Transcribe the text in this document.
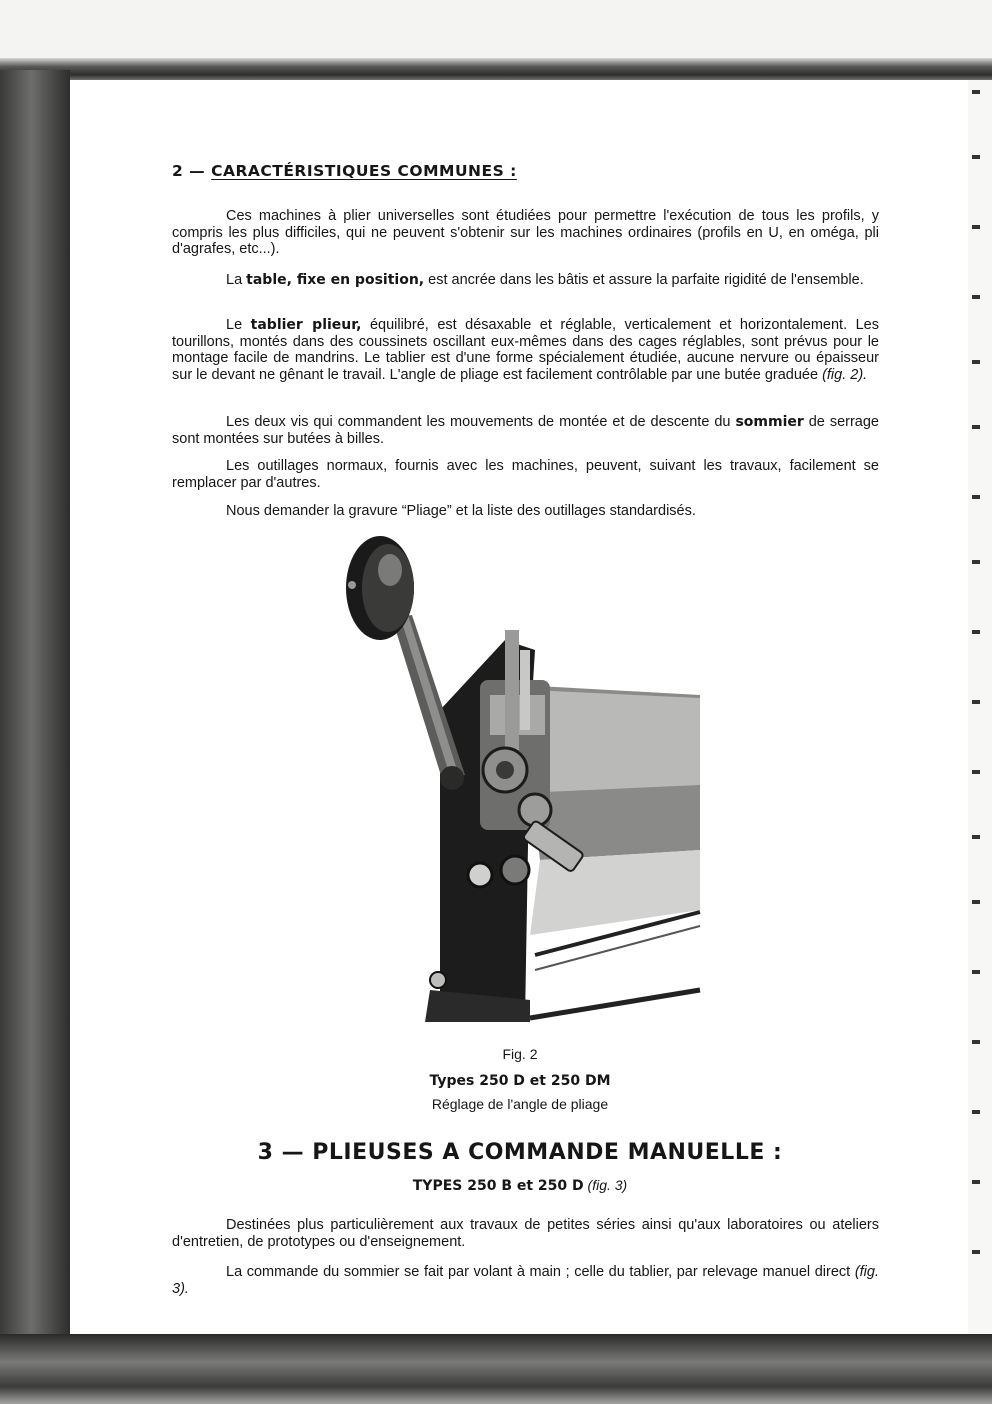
2 — CARACTÉRISTIQUES COMMUNES :

Ces machines à plier universelles sont étudiées pour permettre l'exécution de tous les profils, y compris les plus difficiles, qui ne peuvent s'obtenir sur les machines ordinaires (profils en U, en oméga, pli d'agrafes, etc...).

La table, fixe en position, est ancrée dans les bâtis et assure la parfaite rigidité de l'ensemble.

Le tablier plieur, équilibré, est désaxable et réglable, verticalement et horizontalement. Les tourillons, montés dans des coussinets oscillant eux-mêmes dans des cages réglables, sont prévus pour le montage facile de mandrins. Le tablier est d'une forme spécialement étudiée, aucune nervure ou épaisseur sur le devant ne gênant le travail. L'angle de pliage est facilement contrôlable par une butée graduée (fig. 2).

Les deux vis qui commandent les mouvements de montée et de descente du sommier de serrage sont montées sur butées à billes.

Les outillages normaux, fournis avec les machines, peuvent, suivant les travaux, facilement se remplacer par d'autres.

Nous demander la gravure “Pliage” et la liste des outillages standardisés.

Fig. 2

Types 250 D et 250 DM

Réglage de l'angle de pliage

3 — PLIEUSES A COMMANDE MANUELLE :

TYPES 250 B et 250 D (fig. 3)

Destinées plus particulièrement aux travaux de petites séries ainsi qu'aux laboratoires ou ateliers d'entretien, de prototypes ou d'enseignement.

La commande du sommier se fait par volant à main ; celle du tablier, par relevage manuel direct (fig. 3).
